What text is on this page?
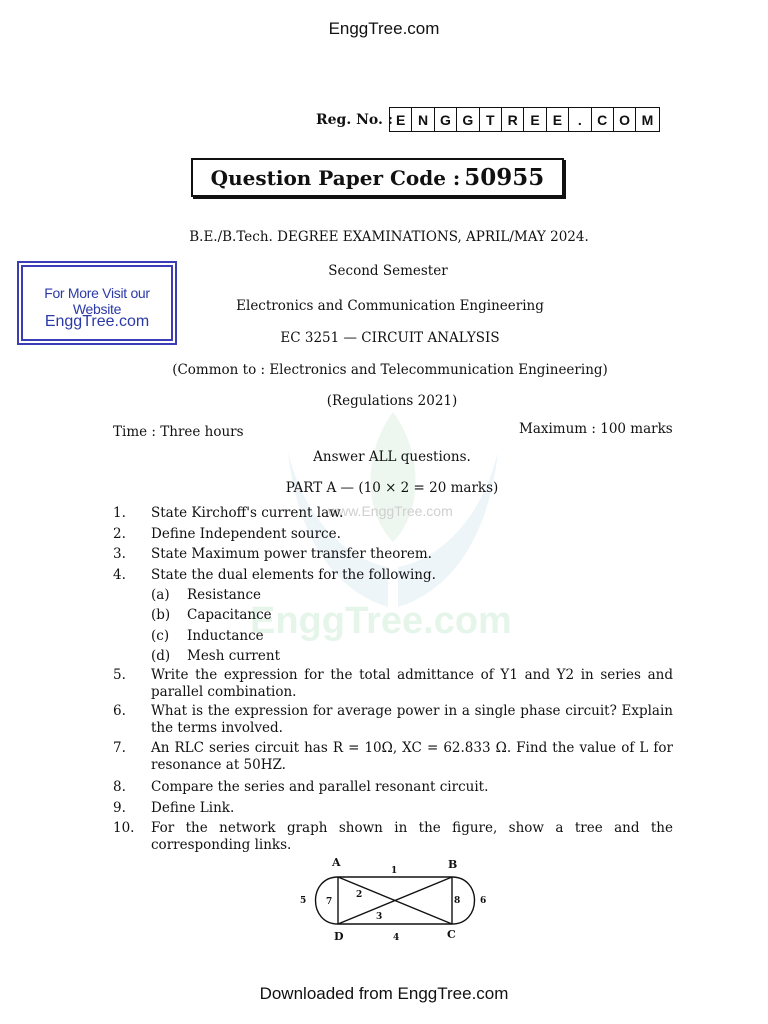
EnggTree.com
Reg. No. : E N G G T R E E	.	C O M
Question Paper Code : 50955
For More Visit our Website
EnggTree.com
EnggTree.com
www.EnggTree.com
B.E./B.Tech. DEGREE EXAMINATIONS, APRIL/MAY 2024.
Second Semester
Electronics and Communication Engineering
EC 3251 — CIRCUIT ANALYSIS
(Common to : Electronics and Telecommunication Engineering)
(Regulations 2021)
Time : Three hours	Maximum : 100 marks
Answer ALL questions.
PART A — (10 × 2 = 20 marks)
1. State Kirchoff's current law.
2. Define Independent source.
3. State Maximum power transfer theorem.
4. State the dual elements for the following.
(a) Resistance
(b) Capacitance
(c) Inductance
(d) Mesh current
5. Write the expression for the total admittance of Y1 and Y2 in series and parallel combination.
6. What is the expression for average power in a single phase circuit? Explain the terms involved.
7. An RLC series circuit has R = 10Ω, XC = 62.833 Ω. Find the value of L for resonance at 50HZ.
8. Compare the series and parallel resonant circuit.
9. Define Link.
10. For the network graph shown in the figure, show a tree and the corresponding links.
A	B
C
D
1
2
3
4
5	6
7	8
Downloaded from EnggTree.com
